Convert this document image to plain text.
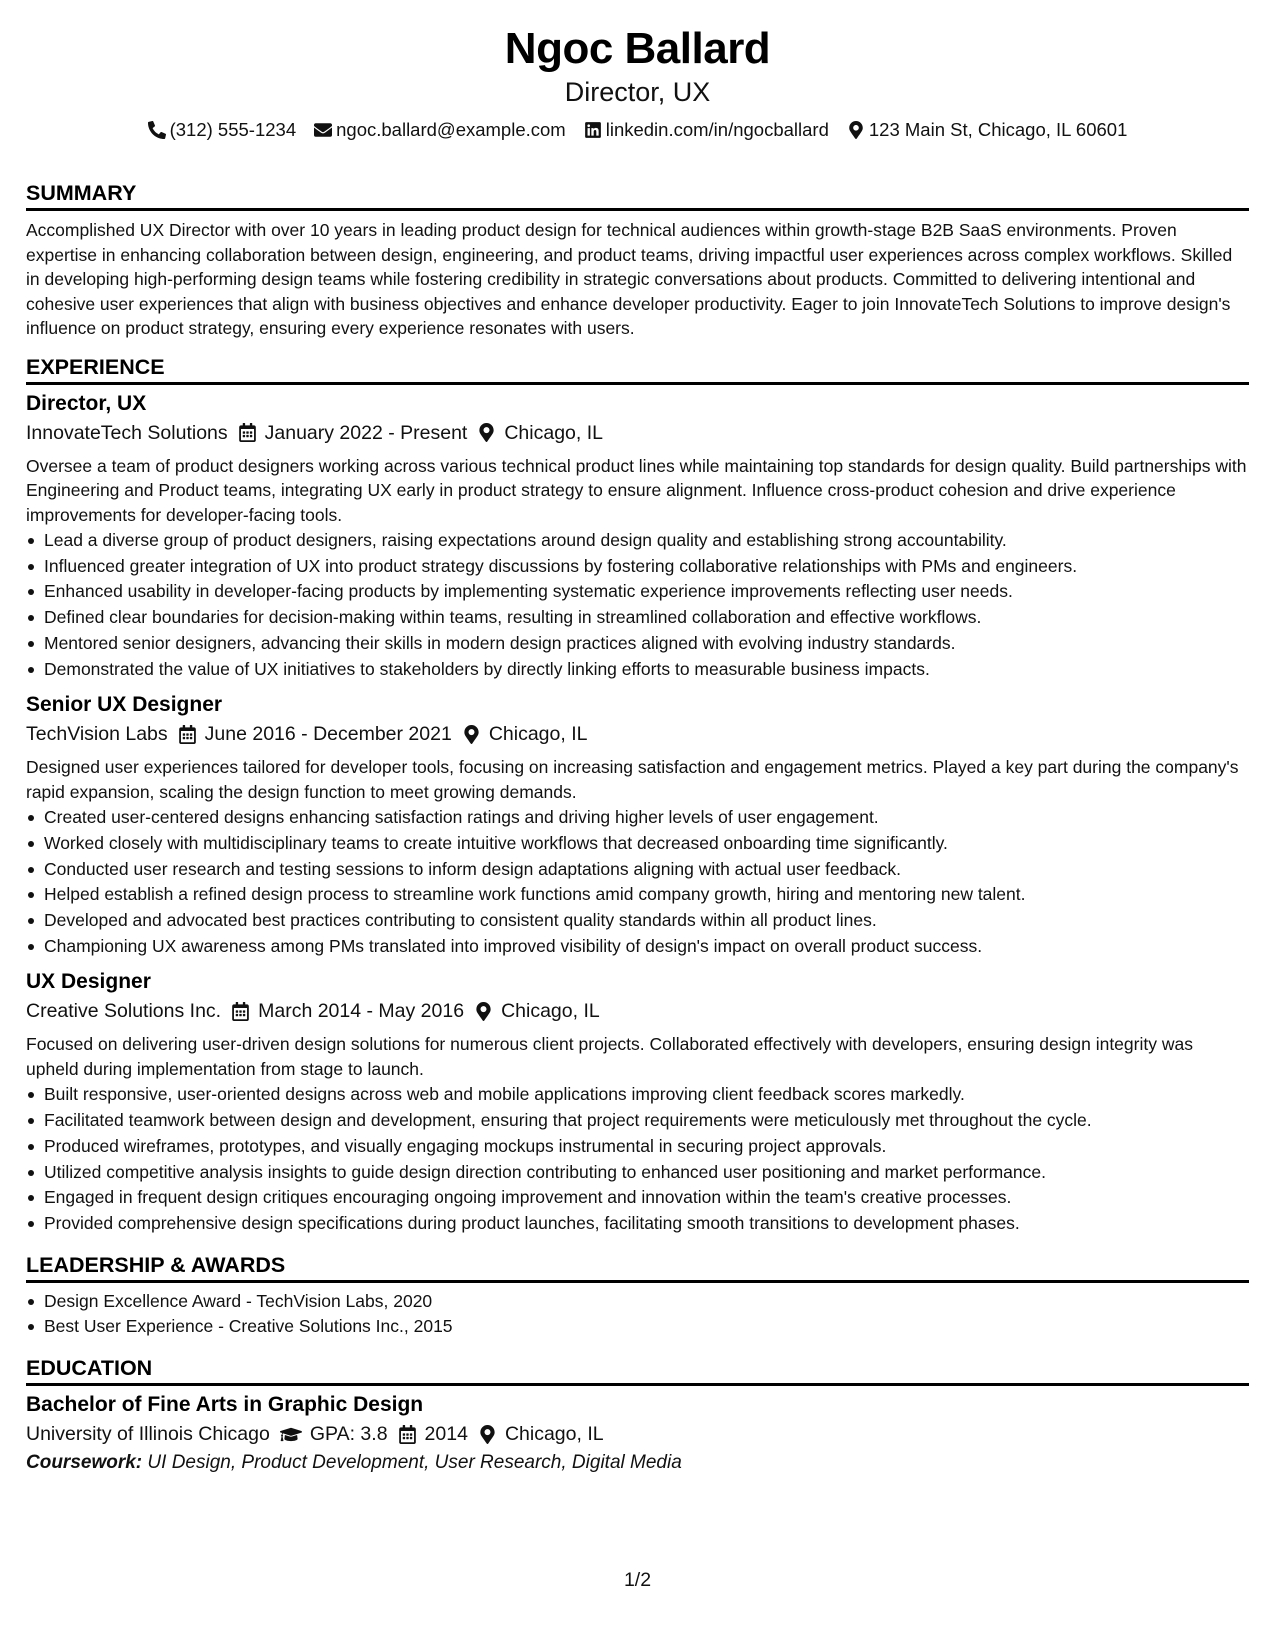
Ngoc Ballard
Director, UX
(312) 555-1234 ngoc.ballard@example.com linkedin.com/in/ngocballard 123 Main St, Chicago, IL 60601
SUMMARY

Accomplished UX Director with over 10 years in leading product design for technical audiences within growth-stage B2B SaaS environments. Proven expertise in enhancing collaboration between design, engineering, and product teams, driving impactful user experiences across complex workflows. Skilled in developing high-performing design teams while fostering credibility in strategic conversations about products. Committed to delivering intentional and cohesive user experiences that align with business objectives and enhance developer productivity. Eager to join InnovateTech Solutions to improve design's influence on product strategy, ensuring every experience resonates with users.

EXPERIENCE
Director, UX
InnovateTech Solutions January 2022 - Present Chicago, IL

Oversee a team of product designers working across various technical product lines while maintaining top standards for design quality. Build partnerships with Engineering and Product teams, integrating UX early in product strategy to ensure alignment. Influence cross-product cohesion and drive experience improvements for developer-facing tools.

Lead a diverse group of product designers, raising expectations around design quality and establishing strong accountability.
Influenced greater integration of UX into product strategy discussions by fostering collaborative relationships with PMs and engineers.
Enhanced usability in developer-facing products by implementing systematic experience improvements reflecting user needs.
Defined clear boundaries for decision-making within teams, resulting in streamlined collaboration and effective workflows.
Mentored senior designers, advancing their skills in modern design practices aligned with evolving industry standards.
Demonstrated the value of UX initiatives to stakeholders by directly linking efforts to measurable business impacts.
Senior UX Designer
TechVision Labs June 2016 - December 2021 Chicago, IL

Designed user experiences tailored for developer tools, focusing on increasing satisfaction and engagement metrics. Played a key part during the company's rapid expansion, scaling the design function to meet growing demands.

Created user-centered designs enhancing satisfaction ratings and driving higher levels of user engagement.
Worked closely with multidisciplinary teams to create intuitive workflows that decreased onboarding time significantly.
Conducted user research and testing sessions to inform design adaptations aligning with actual user feedback.
Helped establish a refined design process to streamline work functions amid company growth, hiring and mentoring new talent.
Developed and advocated best practices contributing to consistent quality standards within all product lines.
Championing UX awareness among PMs translated into improved visibility of design's impact on overall product success.
UX Designer
Creative Solutions Inc. March 2014 - May 2016 Chicago, IL

Focused on delivering user-driven design solutions for numerous client projects. Collaborated effectively with developers, ensuring design integrity was upheld during implementation from stage to launch.

Built responsive, user-oriented designs across web and mobile applications improving client feedback scores markedly.
Facilitated teamwork between design and development, ensuring that project requirements were meticulously met throughout the cycle.
Produced wireframes, prototypes, and visually engaging mockups instrumental in securing project approvals.
Utilized competitive analysis insights to guide design direction contributing to enhanced user positioning and market performance.
Engaged in frequent design critiques encouraging ongoing improvement and innovation within the team's creative processes.
Provided comprehensive design specifications during product launches, facilitating smooth transitions to development phases.
LEADERSHIP & AWARDS
Design Excellence Award - TechVision Labs, 2020
Best User Experience - Creative Solutions Inc., 2015
EDUCATION
Bachelor of Fine Arts in Graphic Design
University of Illinois Chicago GPA: 3.8 2014 Chicago, IL
Coursework: UI Design, Product Development, User Research, Digital Media
1/2
